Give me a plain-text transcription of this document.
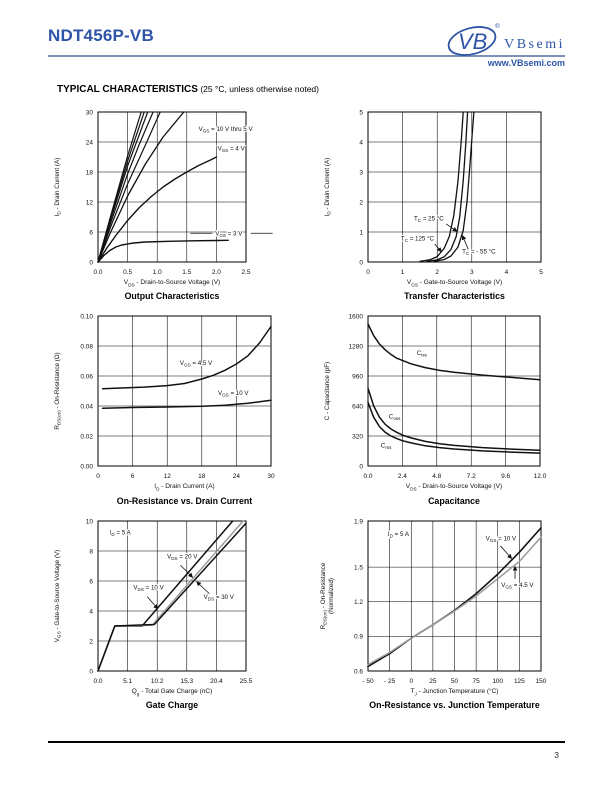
NDT456P-VB	VB
®
VBsemi
www.VBsemi.com
TYPICAL CHARACTERISTICS (25 °C, unless otherwise noted)
0
6
12
18
24
30
0.0	0.5	1.0	1.5	2.0	2.5
$I_D$ - Drain Current (A)
$V_{GS} = 10$ V thru 5 V
$V_{GS} = 4$ V
$V_{GS} = 3$ V
$V_{DS}$ - Drain-to-Source Voltage (V)
Output Characteristics
0
1
2
3
4
5
0	1	2	3	4	5
$I_D$ - Drain Current (A)
$T_C = 25$ °C
$T_C = 125$ °C
$T_C$ = - 55 °C
$V_{GS}$ - Gate-to-Source Voltage (V)
Transfer Characteristics
0.00
0.02
0.04
0.06
0.08
0.10
0	6	12	18	24	30
$R_{DS(on)}$ - On-Resistance (Ω)	$V_{GS} = 4.5$ V
$V_{GS} = 10$ V
$I_D$ - Drain Current (A)
On-Resistance vs. Drain Current
0
320
640
960
1280
1600
0.0	2.4	4.8	7.2	9.6	12.0
C - Capacitance (pF)
$C_{iss}$
$C_{oss}$
$C_{rss}$
$V_{DS}$ - Drain-to-Source Voltage (V)
Capacitance
0
2
4
6
8
10
0.0	5.1	10.2	15.3	20.4	25.5
$V_{GS}$ - Gate-to-Source Voltage (V)
$I_D = 5$ A
$V_{DS} = 20$ V
$V_{DS} = 10$ V
$V_{DS} = 30$ V
$Q_g$ - Total Gate Charge (nC)
Gate Charge
0.6
0.9
1.2
1.5
1.9
- 50 - 25 0 25 50 75 100 125 150
$R_{DS(on)}$ - On-Resistance (Normalized)
$I_D = 5$ A
$V_{GS} = 10$ V
$V_{GS} = 4.5$ V
$T_J$ - Junction Temperature (°C)
On-Resistance vs. Junction Temperature
3
